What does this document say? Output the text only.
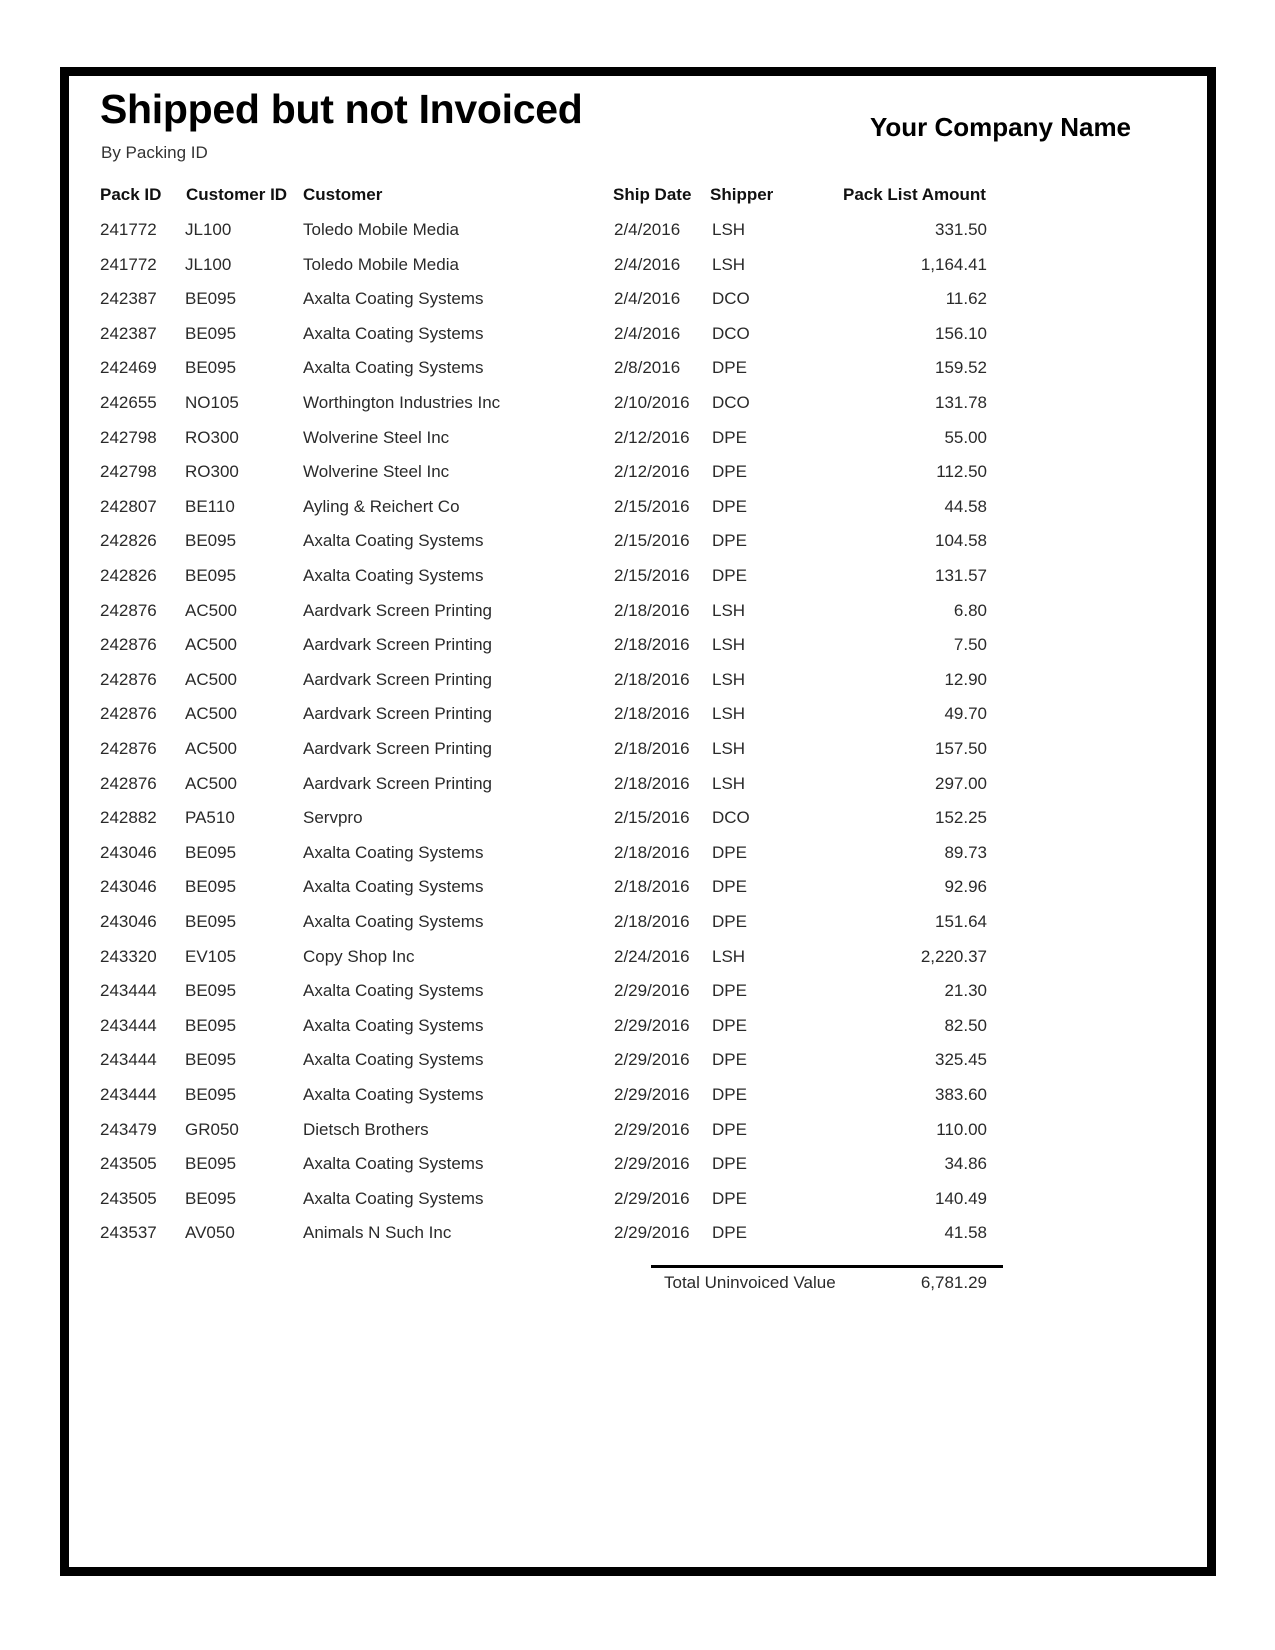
Shipped but not Invoiced
By Packing ID
Your Company Name
Pack ID Customer ID Customer	Ship Date Shipper	Pack List Amount
241772 JL100	Toledo Mobile Media	2/4/2016 LSH	331.50
241772 JL100	Toledo Mobile Media	2/4/2016 LSH	1,164.41
242387 BE095	Axalta Coating Systems	2/4/2016 DCO	11.62
242387 BE095	Axalta Coating Systems	2/4/2016 DCO	156.10
242469 BE095	Axalta Coating Systems	2/8/2016 DPE	159.52
242655 NO105	Worthington Industries Inc	2/10/2016 DCO	131.78
242798 RO300	Wolverine Steel Inc	2/12/2016 DPE	55.00
242798 RO300	Wolverine Steel Inc	2/12/2016 DPE	112.50
242807 BE110	Ayling & Reichert Co	2/15/2016 DPE	44.58
242826 BE095	Axalta Coating Systems	2/15/2016 DPE	104.58
242826 BE095	Axalta Coating Systems	2/15/2016 DPE	131.57
242876 AC500	Aardvark Screen Printing	2/18/2016 LSH	6.80
242876 AC500	Aardvark Screen Printing	2/18/2016 LSH	7.50
242876 AC500	Aardvark Screen Printing	2/18/2016 LSH	12.90
242876 AC500	Aardvark Screen Printing	2/18/2016 LSH	49.70
242876 AC500	Aardvark Screen Printing	2/18/2016 LSH	157.50
242876 AC500	Aardvark Screen Printing	2/18/2016 LSH	297.00
242882 PA510	Servpro	2/15/2016 DCO	152.25
243046 BE095	Axalta Coating Systems	2/18/2016 DPE	89.73
243046 BE095	Axalta Coating Systems	2/18/2016 DPE	92.96
243046 BE095	Axalta Coating Systems	2/18/2016 DPE	151.64
243320 EV105	Copy Shop Inc	2/24/2016 LSH	2,220.37
243444 BE095	Axalta Coating Systems	2/29/2016 DPE	21.30
243444 BE095	Axalta Coating Systems	2/29/2016 DPE	82.50
243444 BE095	Axalta Coating Systems	2/29/2016 DPE	325.45
243444 BE095	Axalta Coating Systems	2/29/2016 DPE	383.60
243479 GR050	Dietsch Brothers	2/29/2016 DPE	110.00
243505 BE095	Axalta Coating Systems	2/29/2016 DPE	34.86
243505 BE095	Axalta Coating Systems	2/29/2016 DPE	140.49
243537 AV050	Animals N Such Inc	2/29/2016 DPE	41.58
Total Uninvoiced Value	6,781.29
